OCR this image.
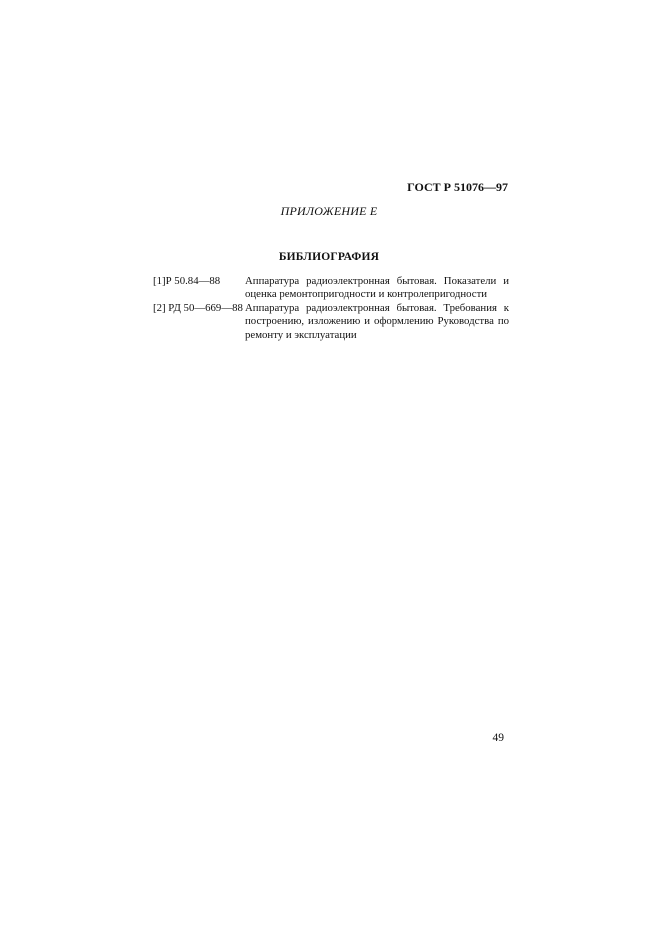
ГОСТ Р 51076—97
ПРИЛОЖЕНИЕ Е
БИБЛИОГРАФИЯ
[1]Р 50.84—88 Аппаратура радиоэлектронная бытовая. Показатели и оценка ремонтопригодности и контролепригодности
[2] РД 50—669—88 Аппаратура радиоэлектронная бытовая. Требования к построению, изложению и оформлению Руководства по ремонту и эксплуатации
49
